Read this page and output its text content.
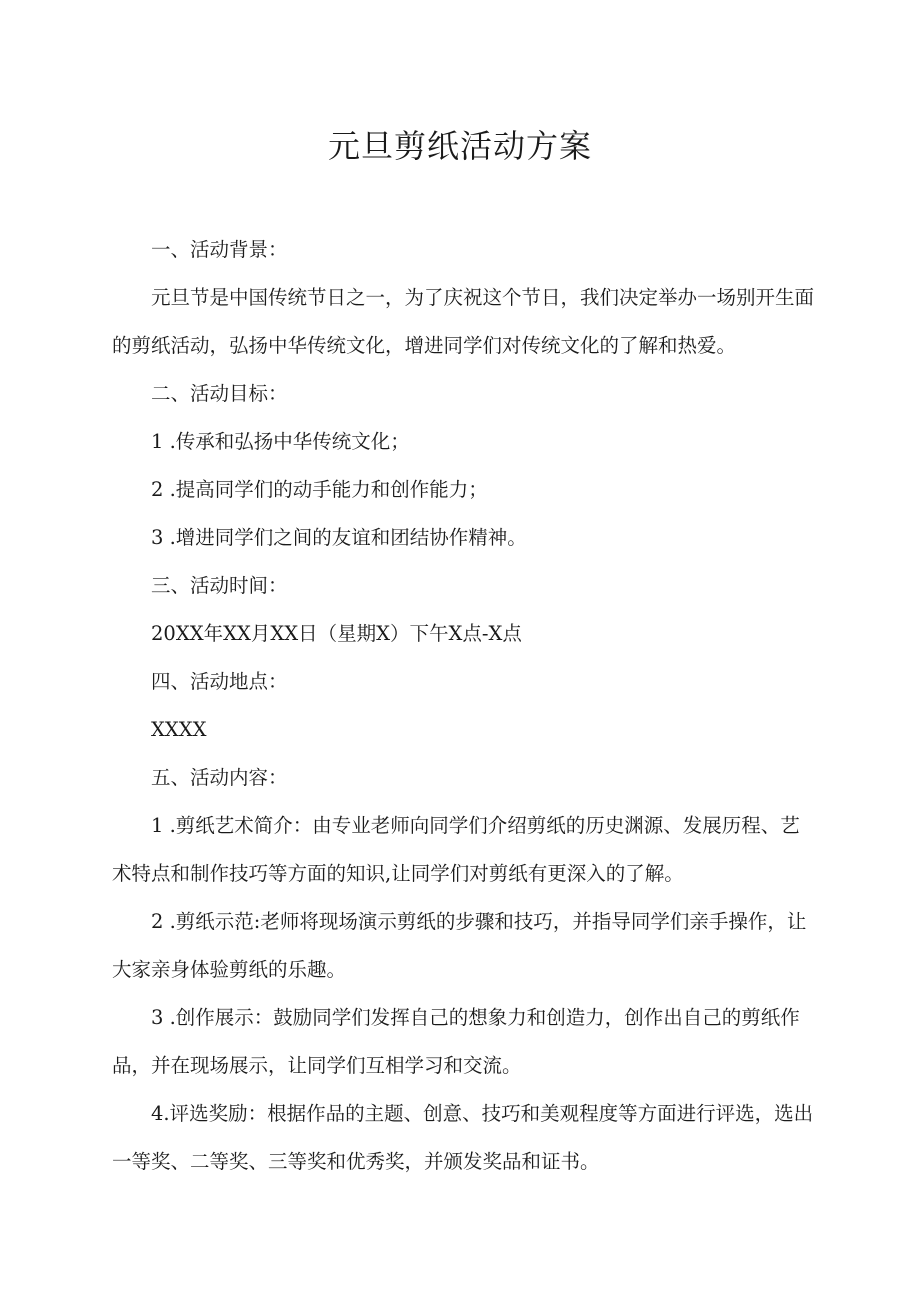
元旦剪纸活动方案

一、活动背景：

元旦节是中国传统节日之一，为了庆祝这个节日，我们决定举办一场别开生面的剪纸活动，弘扬中华传统文化，增进同学们对传统文化的了解和热爱。

二、活动目标：

1 .传承和弘扬中华传统文化；

2 .提高同学们的动手能力和创作能力；

3 .增进同学们之间的友谊和团结协作精神。

三、活动时间：

20XX年XX月XX日（星期X）下午X点-X点

四、活动地点：

XXXX

五、活动内容：

1 .剪纸艺术简介：由专业老师向同学们介绍剪纸的历史渊源、发展历程、艺术特点和制作技巧等方面的知识,让同学们对剪纸有更深入的了解。

2 .剪纸示范:老师将现场演示剪纸的步骤和技巧，并指导同学们亲手操作，让大家亲身体验剪纸的乐趣。

3 .创作展示：鼓励同学们发挥自己的想象力和创造力，创作出自己的剪纸作品，并在现场展示，让同学们互相学习和交流。

4.评选奖励：根据作品的主题、创意、技巧和美观程度等方面进行评选，选出一等奖、二等奖、三等奖和优秀奖，并颁发奖品和证书。
